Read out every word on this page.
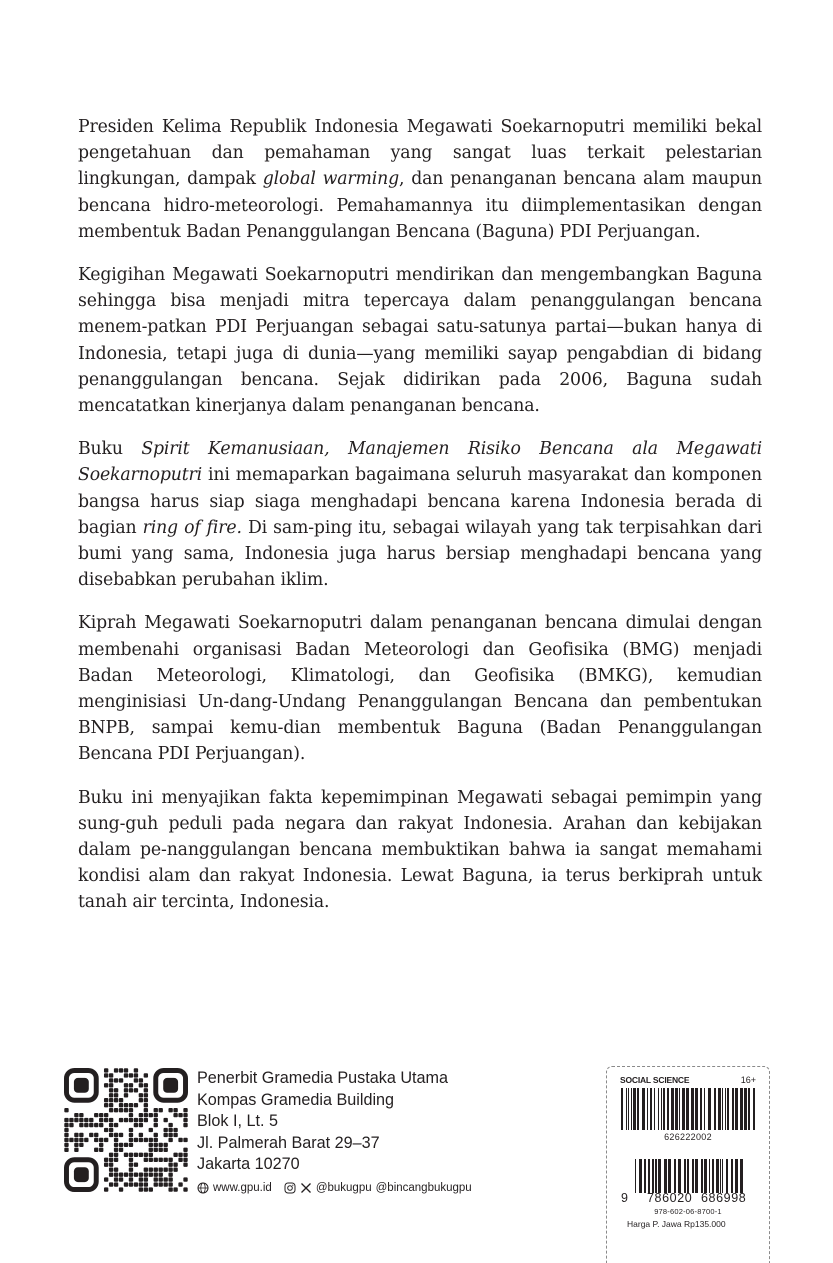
Presiden Kelima Republik Indonesia Megawati Soekarnoputri memiliki bekal pengetahuan dan pemahaman yang sangat luas terkait pelestarian lingkungan, dampak global warming, dan penanganan bencana alam maupun bencana hidro-meteorologi. Pemahamannya itu diimplementasikan dengan membentuk Badan Penanggulangan Bencana (Baguna) PDI Perjuangan.

Kegigihan Megawati Soekarnoputri mendirikan dan mengembangkan Baguna sehingga bisa menjadi mitra tepercaya dalam penanggulangan bencana menem-patkan PDI Perjuangan sebagai satu-satunya partai—bukan hanya di Indonesia, tetapi juga di dunia—yang memiliki sayap pengabdian di bidang penanggulangan bencana. Sejak didirikan pada 2006, Baguna sudah mencatatkan kinerjanya dalam penanganan bencana.

Buku Spirit Kemanusiaan, Manajemen Risiko Bencana ala Megawati Soekarnoputri ini memaparkan bagaimana seluruh masyarakat dan komponen bangsa harus siap siaga menghadapi bencana karena Indonesia berada di bagian ring of fire. Di sam-ping itu, sebagai wilayah yang tak terpisahkan dari bumi yang sama, Indonesia juga harus bersiap menghadapi bencana yang disebabkan perubahan iklim.

Kiprah Megawati Soekarnoputri dalam penanganan bencana dimulai dengan membenahi organisasi Badan Meteorologi dan Geofisika (BMG) menjadi Badan Meteorologi, Klimatologi, dan Geofisika (BMKG), kemudian menginisiasi Un-dang-Undang Penanggulangan Bencana dan pembentukan BNPB, sampai kemu-dian membentuk Baguna (Badan Penanggulangan Bencana PDI Perjuangan).

Buku ini menyajikan fakta kepemimpinan Megawati sebagai pemimpin yang sung-guh peduli pada negara dan rakyat Indonesia. Arahan dan kebijakan dalam pe-nanggulangan bencana membuktikan bahwa ia sangat memahami kondisi alam dan rakyat Indonesia. Lewat Baguna, ia terus berkiprah untuk tanah air tercinta, Indonesia.

Penerbit Gramedia Pustaka Utama
Kompas Gramedia Building
Blok I, Lt. 5
Jl. Palmerah Barat 29–37
Jakarta 10270
www.gpu.id	@bukugpu @bincangbukugpu
SOCIAL SCIENCE	16+
626222002
9 786020 686998
978-602-06-8700-1
Harga P. Jawa Rp135.000
